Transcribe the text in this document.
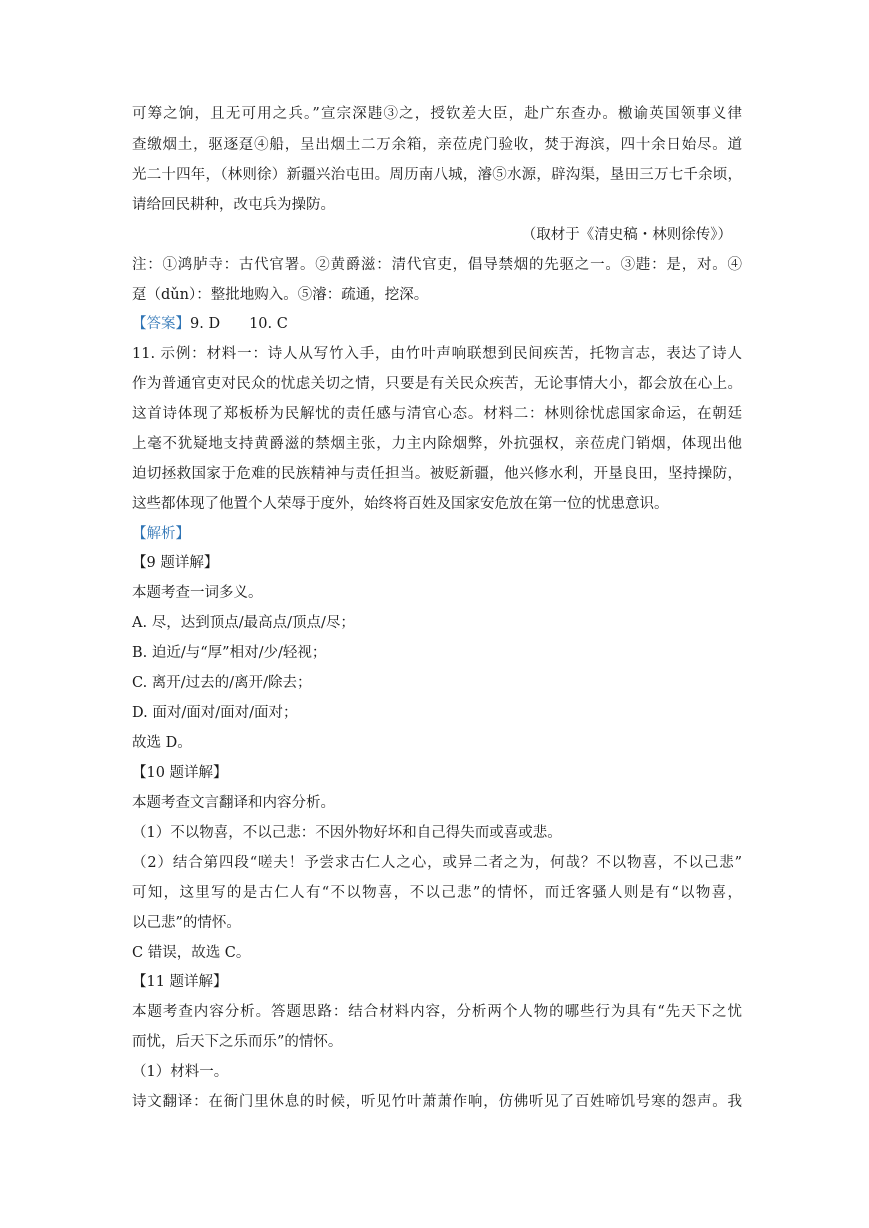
可筹之饷，且无可用之兵。”宣宗深韪③之，授钦差大臣，赴广东查办。檄谕英国领事义律
查缴烟土，驱逐趸④船，呈出烟土二万余箱，亲莅虎门验收，焚于海滨，四十余日始尽。道
光二十四年，（林则徐）新疆兴治屯田。周历南八城，濬⑤水源，辟沟渠，垦田三万七千余顷，
请给回民耕种，改屯兵为操防。
（取材于《清史稿・林则徐传》）
注：①鸿胪寺：古代官署。②黄爵滋：清代官吏，倡导禁烟的先驱之一。③韪：是，对。④
趸（dǔn）：整批地购入。⑤濬：疏通，挖深。
【答案】9. D　　10. C
11. 示例：材料一：诗人从写竹入手，由竹叶声响联想到民间疾苦，托物言志，表达了诗人
作为普通官吏对民众的忧虑关切之情，只要是有关民众疾苦，无论事情大小，都会放在心上。
这首诗体现了郑板桥为民解忧的责任感与清官心态。材料二：林则徐忧虑国家命运，在朝廷
上毫不犹疑地支持黄爵滋的禁烟主张，力主内除烟弊，外抗强权，亲莅虎门销烟，体现出他
迫切拯救国家于危难的民族精神与责任担当。被贬新疆，他兴修水利，开垦良田，坚持操防，
这些都体现了他置个人荣辱于度外，始终将百姓及国家安危放在第一位的忧患意识。
【解析】
【9 题详解】
本题考查一词多义。
A. 尽，达到顶点/最高点/顶点/尽；
B. 迫近/与“厚”相对/少/轻视；
C. 离开/过去的/离开/除去；
D. 面对/面对/面对/面对；
故选 D。
【10 题详解】
本题考查文言翻译和内容分析。
（1）不以物喜，不以己悲：不因外物好坏和自己得失而或喜或悲。
（2）结合第四段“嗟夫！予尝求古仁人之心，或异二者之为，何哉？不以物喜，不以己悲”
可知，这里写的是古仁人有“不以物喜，不以己悲”的情怀，而迁客骚人则是有“以物喜，
以己悲”的情怀。
C 错误，故选 C。
【11 题详解】
本题考查内容分析。答题思路：结合材料内容，分析两个人物的哪些行为具有“先天下之忧
而忧，后天下之乐而乐”的情怀。
（1）材料一。
诗文翻译：在衙门里休息的时候，听见竹叶萧萧作响，仿佛听见了百姓啼饥号寒的怨声。我
